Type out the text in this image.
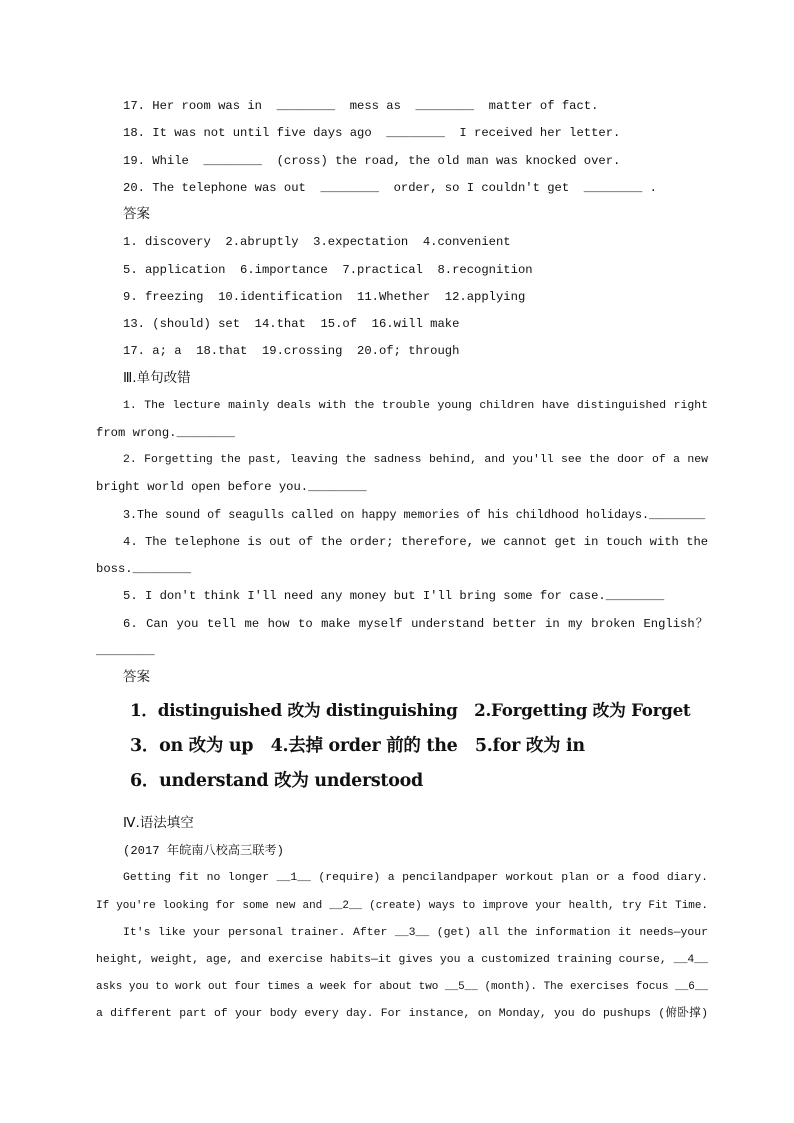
17. Her room was in  ________  mess as  ________  matter of fact.
18. It was not until five days ago  ________  I received her letter.
19. While  ________  (cross) the road, the old man was knocked over.
20. The telephone was out  ________  order, so I couldn't get  ________ .
答案
1. discovery  2.abruptly  3.expectation  4.convenient
5. application  6.importance  7.practical  8.recognition
9. freezing  10.identification  11.Whether  12.applying
13. (should) set  14.that  15.of  16.will make
17. a; a  18.that  19.crossing  20.of; through
Ⅲ.单句改错
1. The lecture mainly deals with the trouble young children have distinguished right
from wrong.________
2. Forgetting the past, leaving the sadness behind, and you'll see the door of a new
bright world open before you.________
3.The sound of seagulls called on happy memories of his childhood holidays.________
4. The telephone is out of the order; therefore, we cannot get in touch with the
boss.________
5. I don't think I'll need any money but I'll bring some for case.________
6. Can you tell me how to make myself understand better in my broken English？
________
答案
1．distinguished 改为 distinguishing   2.Forgetting 改为 Forget
3．on 改为 up   4.去掉 order 前的 the   5.for 改为 in
6．understand 改为 understood
Ⅳ.语法填空
(2017 年皖南八校高三联考)
Getting fit no longer __1__ (require) a pencilandpaper workout plan or a food diary.
If you're looking for some new and __2__ (create) ways to improve your health, try Fit Time.
It's like your personal trainer. After __3__ (get) all the information it needs—your
height, weight, age, and exercise habits—it gives you a customized training course, __4__
asks you to work out four times a week for about two __5__ (month). The exercises focus __6__
a different part of your body every day. For instance, on Monday, you do pushups (俯卧撑)
